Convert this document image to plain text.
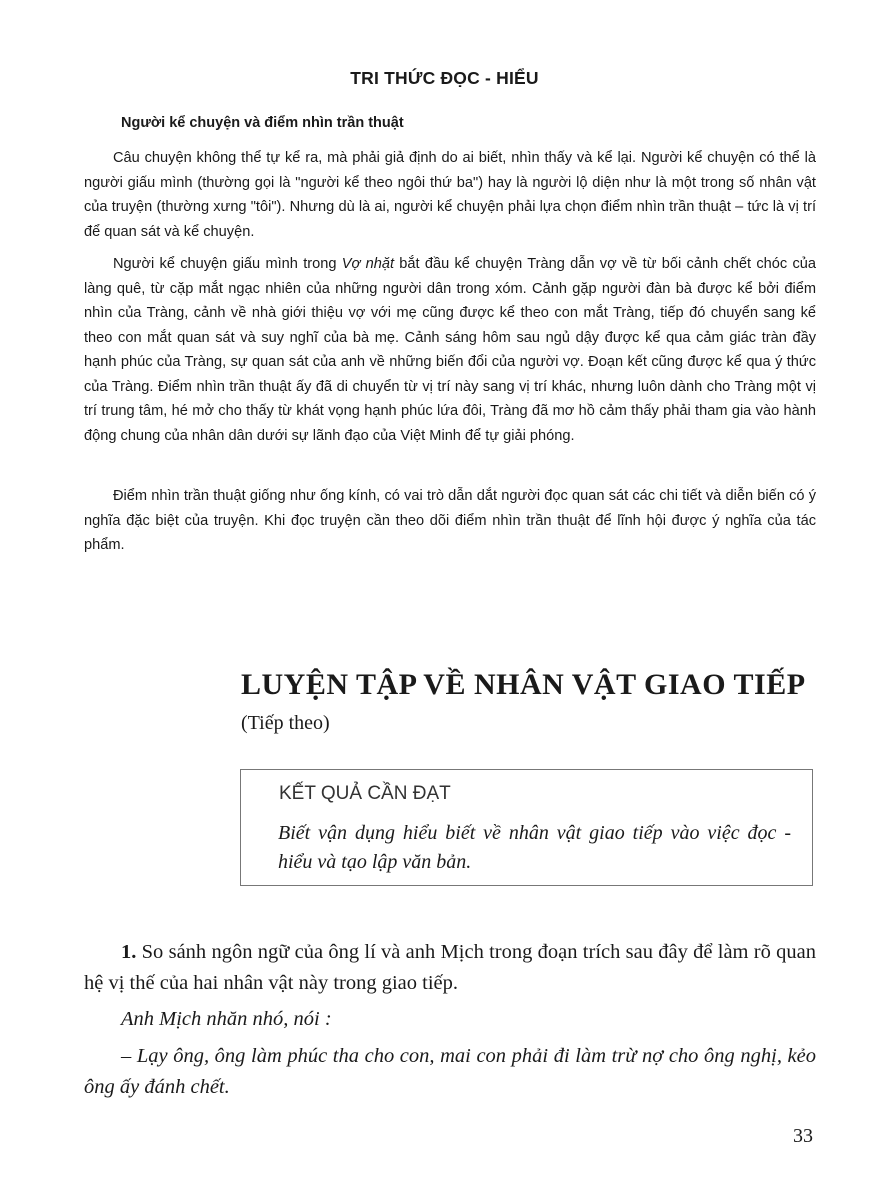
TRI THỨC ĐỌC - HIỂU
Người kể chuyện và điểm nhìn trần thuật

Câu chuyện không thể tự kể ra, mà phải giả định do ai biết, nhìn thấy và kể lại. Người kể chuyện có thể là người giấu mình (thường gọi là "người kể theo ngôi thứ ba") hay là người lộ diện như là một trong số nhân vật của truyện (thường xưng "tôi"). Nhưng dù là ai, người kể chuyện phải lựa chọn điểm nhìn trần thuật – tức là vị trí để quan sát và kể chuyện.

Người kể chuyện giấu mình trong Vợ nhặt bắt đầu kể chuyện Tràng dẫn vợ về từ bối cảnh chết chóc của làng quê, từ cặp mắt ngạc nhiên của những người dân trong xóm. Cảnh gặp người đàn bà được kể bởi điểm nhìn của Tràng, cảnh về nhà giới thiệu vợ với mẹ cũng được kể theo con mắt Tràng, tiếp đó chuyển sang kể theo con mắt quan sát và suy nghĩ của bà mẹ. Cảnh sáng hôm sau ngủ dậy được kể qua cảm giác tràn đầy hạnh phúc của Tràng, sự quan sát của anh về những biến đổi của người vợ. Đoạn kết cũng được kể qua ý thức của Tràng. Điểm nhìn trần thuật ấy đã di chuyển từ vị trí này sang vị trí khác, nhưng luôn dành cho Tràng một vị trí trung tâm, hé mở cho thấy từ khát vọng hạnh phúc lứa đôi, Tràng đã mơ hồ cảm thấy phải tham gia vào hành động chung của nhân dân dưới sự lãnh đạo của Việt Minh để tự giải phóng.

Điểm nhìn trần thuật giống như ống kính, có vai trò dẫn dắt người đọc quan sát các chi tiết và diễn biến có ý nghĩa đặc biệt của truyện. Khi đọc truyện cần theo dõi điểm nhìn trần thuật để lĩnh hội được ý nghĩa của tác phẩm.

LUYỆN TẬP VỀ NHÂN VẬT GIAO TIẾP
(Tiếp theo)
KẾT QUẢ CẦN ĐẠT

Biết vận dụng hiểu biết về nhân vật giao tiếp vào việc đọc - hiểu và tạo lập văn bản.

1. So sánh ngôn ngữ của ông lí và anh Mịch trong đoạn trích sau đây để làm rõ quan hệ vị thế của hai nhân vật này trong giao tiếp.

Anh Mịch nhăn nhó, nói :

– Lạy ông, ông làm phúc tha cho con, mai con phải đi làm trừ nợ cho ông nghị, kẻo ông ấy đánh chết.

33
